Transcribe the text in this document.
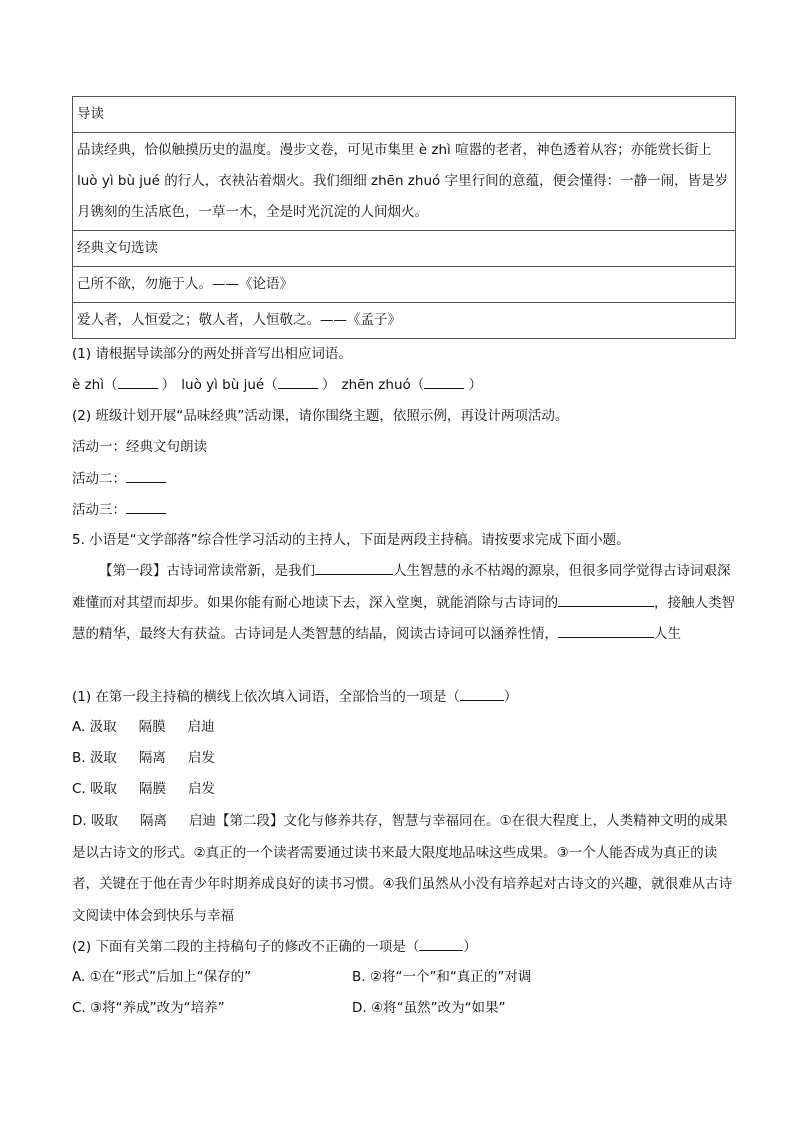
导读
品读经典，恰似触摸历史的温度。漫步文卷，可见市集里 è zhì 喧嚣的老者，神色透着从容；亦能赏长街上 luò yì bù jué 的行人，衣袂沾着烟火。我们细细 zhēn zhuó 字里行间的意蕴，便会懂得：一静一闹，皆是岁月镌刻的生活底色，一草一木，全是时光沉淀的人间烟火。
经典文句选读
己所不欲，勿施于人。——《论语》
爱人者，人恒爱之；敬人者，人恒敬之。——《孟子》
(1) 请根据导读部分的两处拼音写出相应词语。
è zhì（	） luò yì bù jué（	） zhēn zhuó（	）
(2) 班级计划开展“品味经典”活动课，请你围绕主题，依照示例，再设计两项活动。
活动一：经典文句朗读
活动二：
活动三：
5. 小语是“文学部落”综合性学习活动的主持人，下面是两段主持稿。请按要求完成下面小题。
【第一段】古诗词常读常新，是我们	人生智慧的永不枯竭的源泉，但很多同学觉得古诗词艰深难懂而对其望而却步。如果你能有耐心地读下去，深入堂奥，就能消除与古诗词的	，接触人类智慧的精华，最终大有获益。古诗词是人类智慧的结晶，阅读古诗词可以涵养性情，	人生
(1) 在第一段主持稿的横线上依次填入词语，全部恰当的一项是（	）
A. 汲取 隔膜 启迪
B. 汲取 隔离 启发
C. 吸取 隔膜 启发
D. 吸取 隔离 启迪【第二段】文化与修养共存，智慧与幸福同在。①在很大程度上，人类精神文明的成果是以古诗文的形式。②真正的一个读者需要通过读书来最大限度地品味这些成果。③一个人能否成为真正的读者，关键在于他在青少年时期养成良好的读书习惯。④我们虽然从小没有培养起对古诗文的兴趣，就很难从古诗文阅读中体会到快乐与幸福
(2) 下面有关第二段的主持稿句子的修改不正确的一项是（	）
A. ①在“形式”后加上“保存的”	B. ②将“一个”和“真正的”对调
C. ③将“养成”改为“培养”	D. ④将“虽然”改为“如果”
